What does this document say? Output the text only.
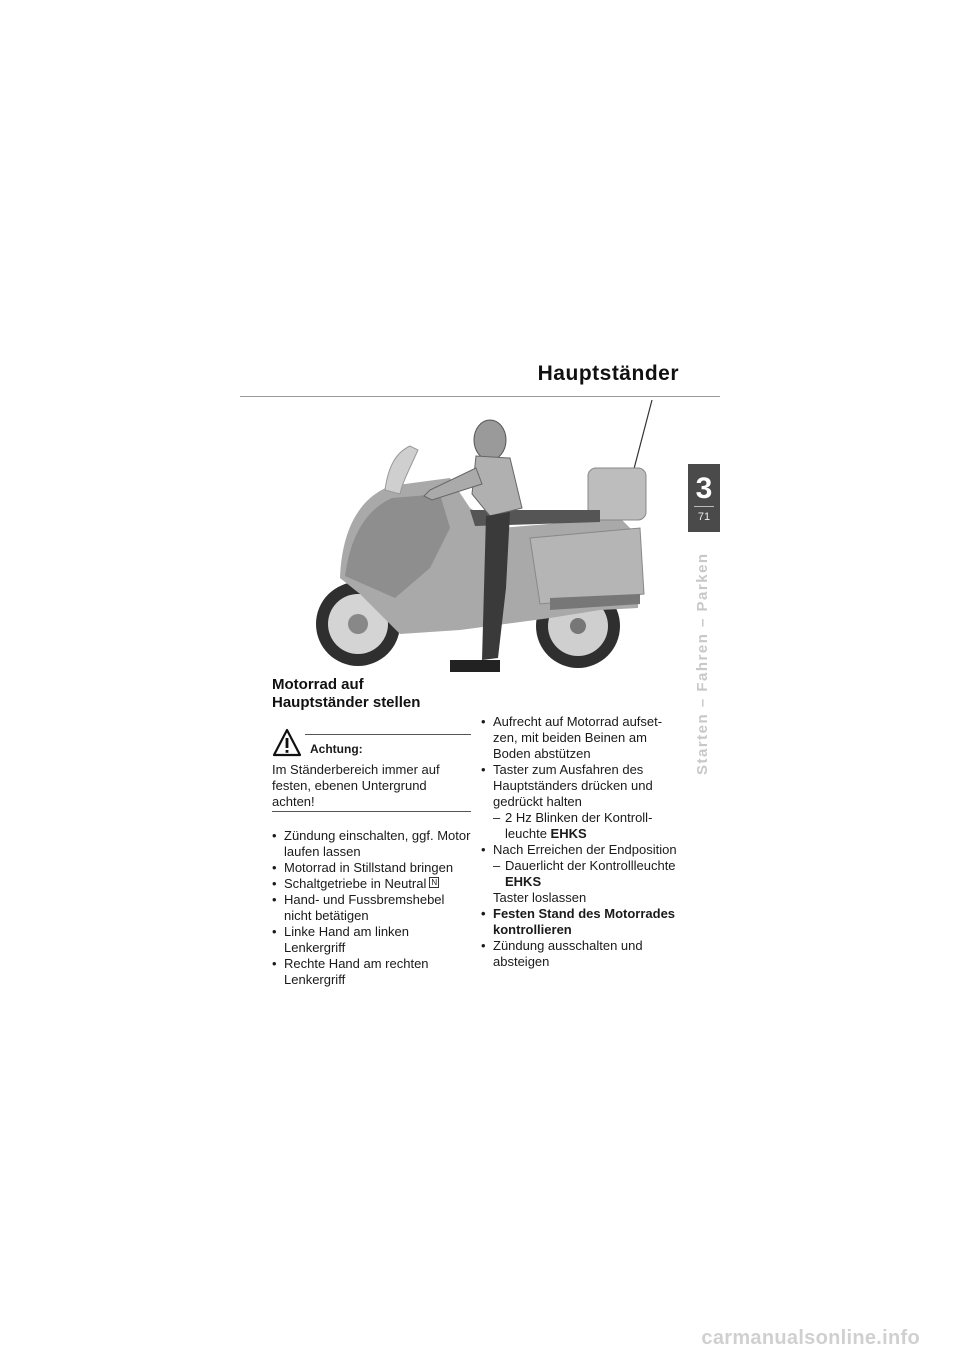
Hauptständer
3
71
Starten – Fahren – Parken
Motorrad auf
Hauptständer stellen
Achtung:
Im Ständerbereich immer auf festen, ebenen Untergrund achten!
• Zündung einschalten, ggf. Motor laufen lassen
• Motorrad in Stillstand bringen
• Schaltgetriebe in Neutral N
• Hand- und Fussbremshebel nicht betätigen
• Linke Hand am linken Lenkergriff
• Rechte Hand am rechten Lenkergriff
• Aufrecht auf Motorrad aufsetzen, mit beiden Beinen am Boden abstützen
• Taster zum Ausfahren des Hauptständers drücken und gedrückt halten
– 2 Hz Blinken der Kontrollleuchte EHKS
• Nach Erreichen der Endposition
– Dauerlicht der Kontrollleuchte EHKS
Taster loslassen
• Festen Stand des Motorrades kontrollieren
• Zündung ausschalten und absteigen
carmanualsonline.info
